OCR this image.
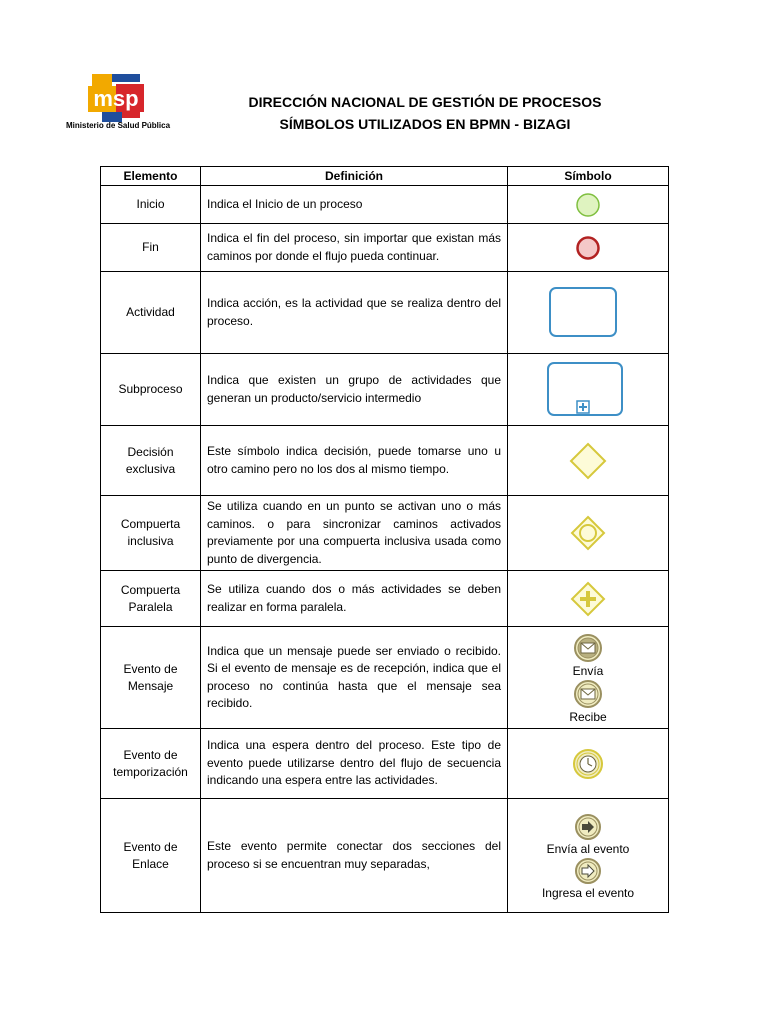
msp
Ministerio de Salud Pública
DIRECCIÓN NACIONAL DE GESTIÓN DE PROCESOS
SÍMBOLOS UTILIZADOS EN BPMN - BIZAGI
Elemento	Definición	Símbolo
Inicio	Indica el Inicio de un proceso	

Fin	Indica el fin del proceso, sin importar que existan más caminos por donde el flujo pueda continuar.	

Actividad	Indica acción, es la actividad que se realiza dentro del proceso.	

Subproceso	Indica que existen un grupo de actividades que generan un producto/servicio intermedio	

Decisión exclusiva	Este símbolo indica decisión, puede tomarse uno u otro camino pero no los dos al mismo tiempo.	

Compuerta inclusiva	Se utiliza cuando en un punto se activan uno o más caminos. o para sincronizar caminos activados previamente por una compuerta inclusiva usada como punto de divergencia.	

Compuerta Paralela	Se utiliza cuando dos o más actividades se deben realizar en forma paralela.	

Evento de Mensaje	Indica que un mensaje puede ser enviado o recibido. Si el evento de mensaje es de recepción, indica que el proceso no continúa hasta que el mensaje sea recibido.	Envía
Recibe

Evento de temporización	Indica una espera dentro del proceso. Este tipo de evento puede utilizarse dentro del flujo de secuencia indicando una espera entre las actividades.	

Evento de Enlace	Este evento permite conectar dos secciones del proceso si se encuentran muy separadas,	Envía al evento
Ingresa el evento
